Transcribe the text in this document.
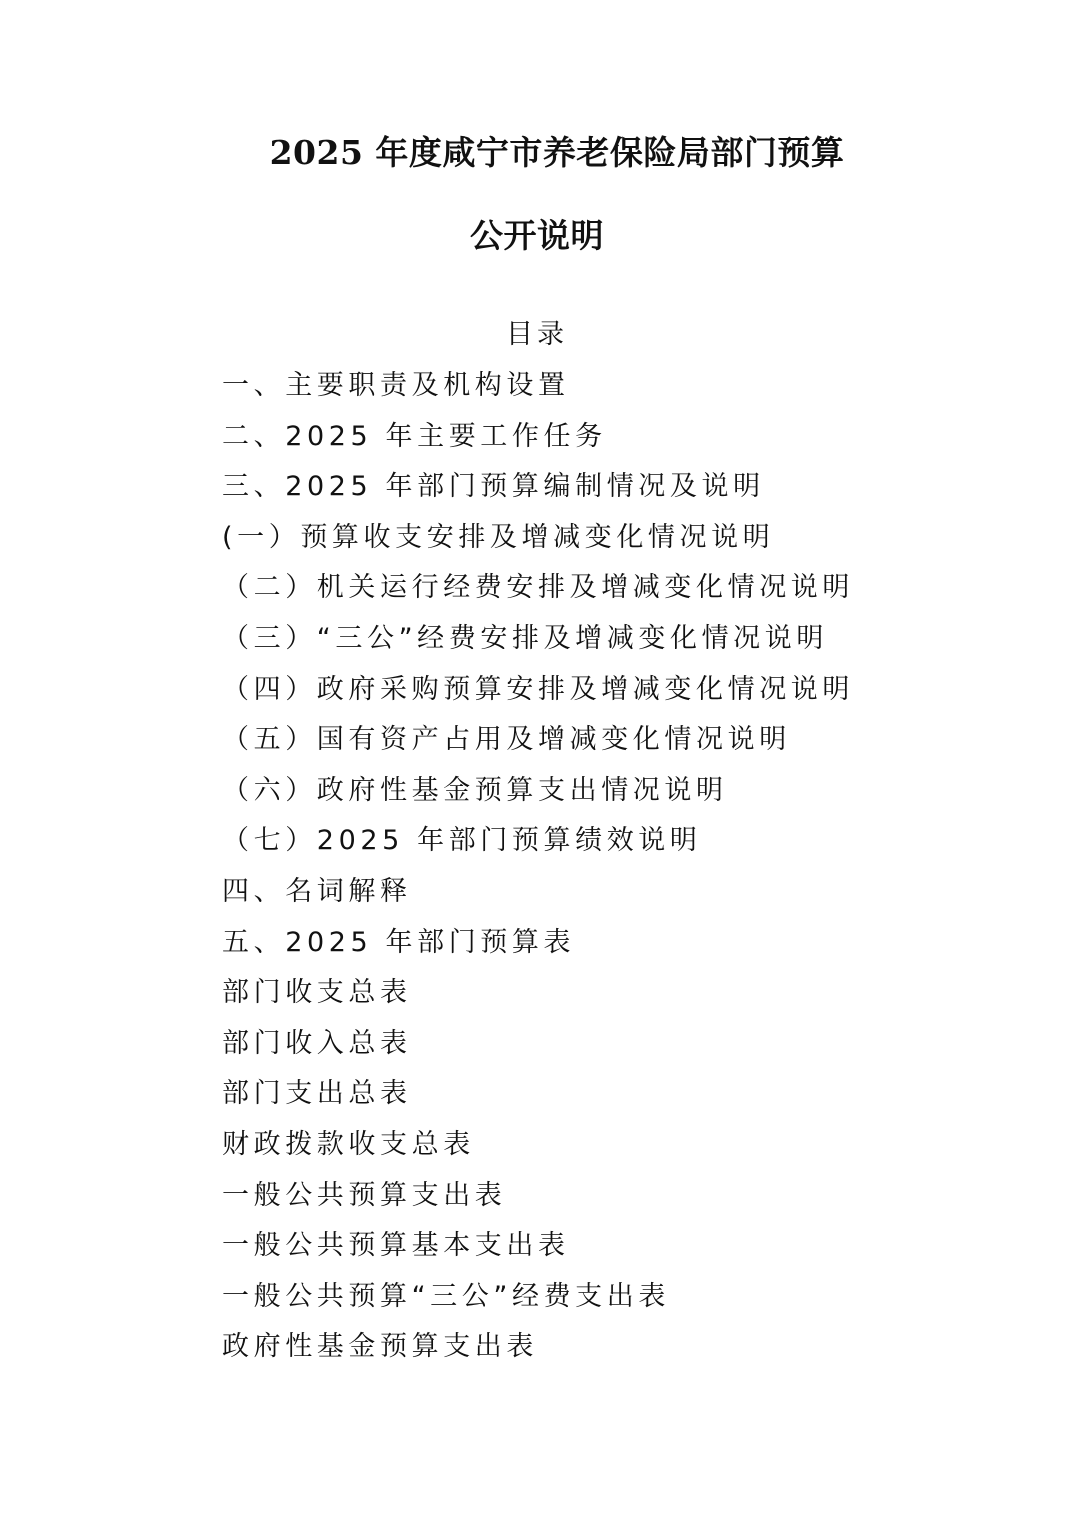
2025 年度咸宁市养老保险局部门预算
公开说明
目录
一、主要职责及机构设置
二、2025 年主要工作任务
三、2025 年部门预算编制情况及说明
(一）预算收支安排及增减变化情况说明
（二）机关运行经费安排及增减变化情况说明
（三）“三公”经费安排及增减变化情况说明
（四）政府采购预算安排及增减变化情况说明
（五）国有资产占用及增减变化情况说明
（六）政府性基金预算支出情况说明
（七）2025 年部门预算绩效说明
四、名词解释
五、2025 年部门预算表
部门收支总表
部门收入总表
部门支出总表
财政拨款收支总表
一般公共预算支出表
一般公共预算基本支出表
一般公共预算“三公”经费支出表
政府性基金预算支出表
